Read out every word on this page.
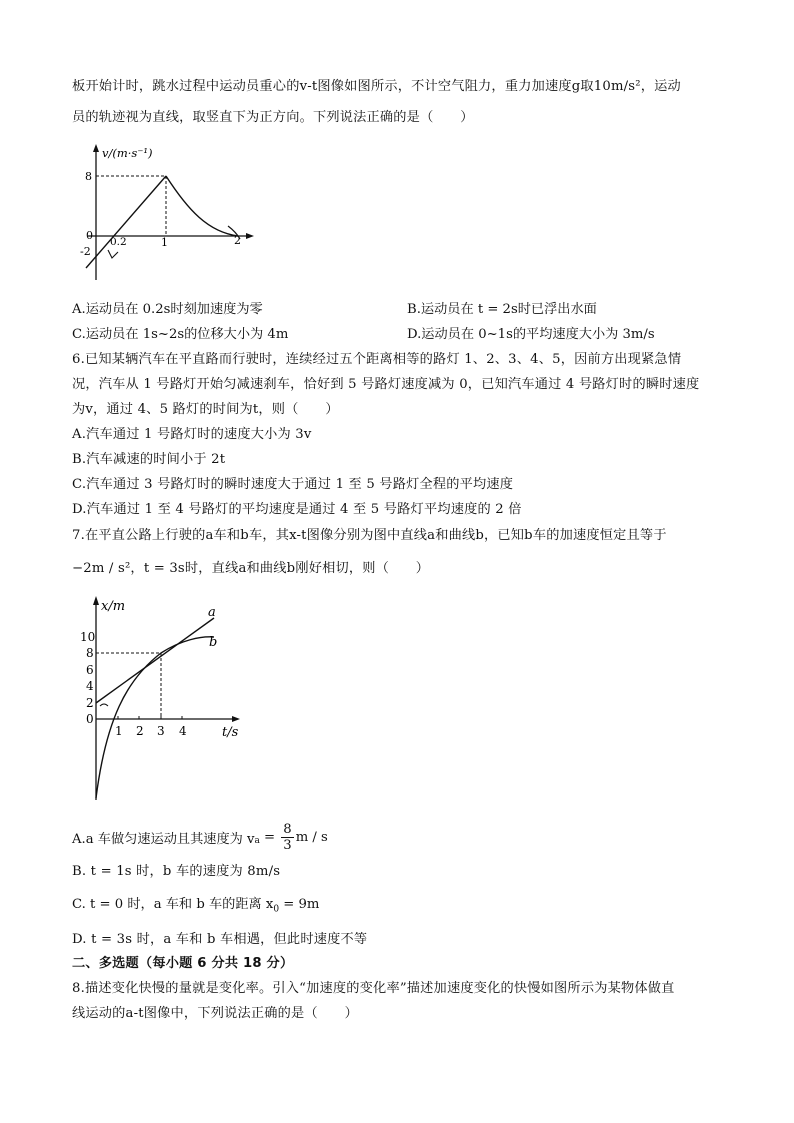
板开始计时，跳水过程中运动员重心的v-t图像如图所示，不计空气阻力，重力加速度g取10m/s²，运动
员的轨迹视为直线，取竖直下为正方向。下列说法正确的是（　　）
v/(m·s⁻¹)
8
0
-2
0.2	1	2
A.运动员在 0.2s时刻加速度为零	B.运动员在 t = 2s时已浮出水面
C.运动员在 1s~2s的位移大小为 4m	D.运动员在 0~1s的平均速度大小为 3m/s
6.已知某辆汽车在平直路而行驶时，连续经过五个距离相等的路灯 1、2、3、4、5，因前方出现紧急情
况，汽车从 1 号路灯开始匀减速刹车，恰好到 5 号路灯速度减为 0，已知汽车通过 4 号路灯时的瞬时速度
为v，通过 4、5 路灯的时间为t，则（　　）
A.汽车通过 1 号路灯时的速度大小为 3v
B.汽车减速的时间小于 2t
C.汽车通过 3 号路灯时的瞬时速度大于通过 1 至 5 号路灯全程的平均速度
D.汽车通过 1 至 4 号路灯的平均速度是通过 4 至 5 号路灯平均速度的 2 倍
7.在平直公路上行驶的a车和b车，其x-t图像分别为图中直线a和曲线b，已知b车的加速度恒定且等于
−2m / s²，t = 3s时，直线a和曲线b刚好相切，则（　　）
x/m
t/s
10
8
6
4
2
0
1 2 3 4
a
b
A.a 车做匀速运动且其速度为 $v_a = \frac{8}{3}$ m / s
B. t = 1s 时，b 车的速度为 8m/s
C. t = 0 时，a 车和 b 车的距离 $x_0 = 9m$
D. t = 3s 时，a 车和 b 车相遇，但此时速度不等
二、多选题（每小题 6 分共 18 分）
8.描述变化快慢的量就是变化率。引入“加速度的变化率”描述加速度变化的快慢如图所示为某物体做直
线运动的a-t图像中，下列说法正确的是（　　）
